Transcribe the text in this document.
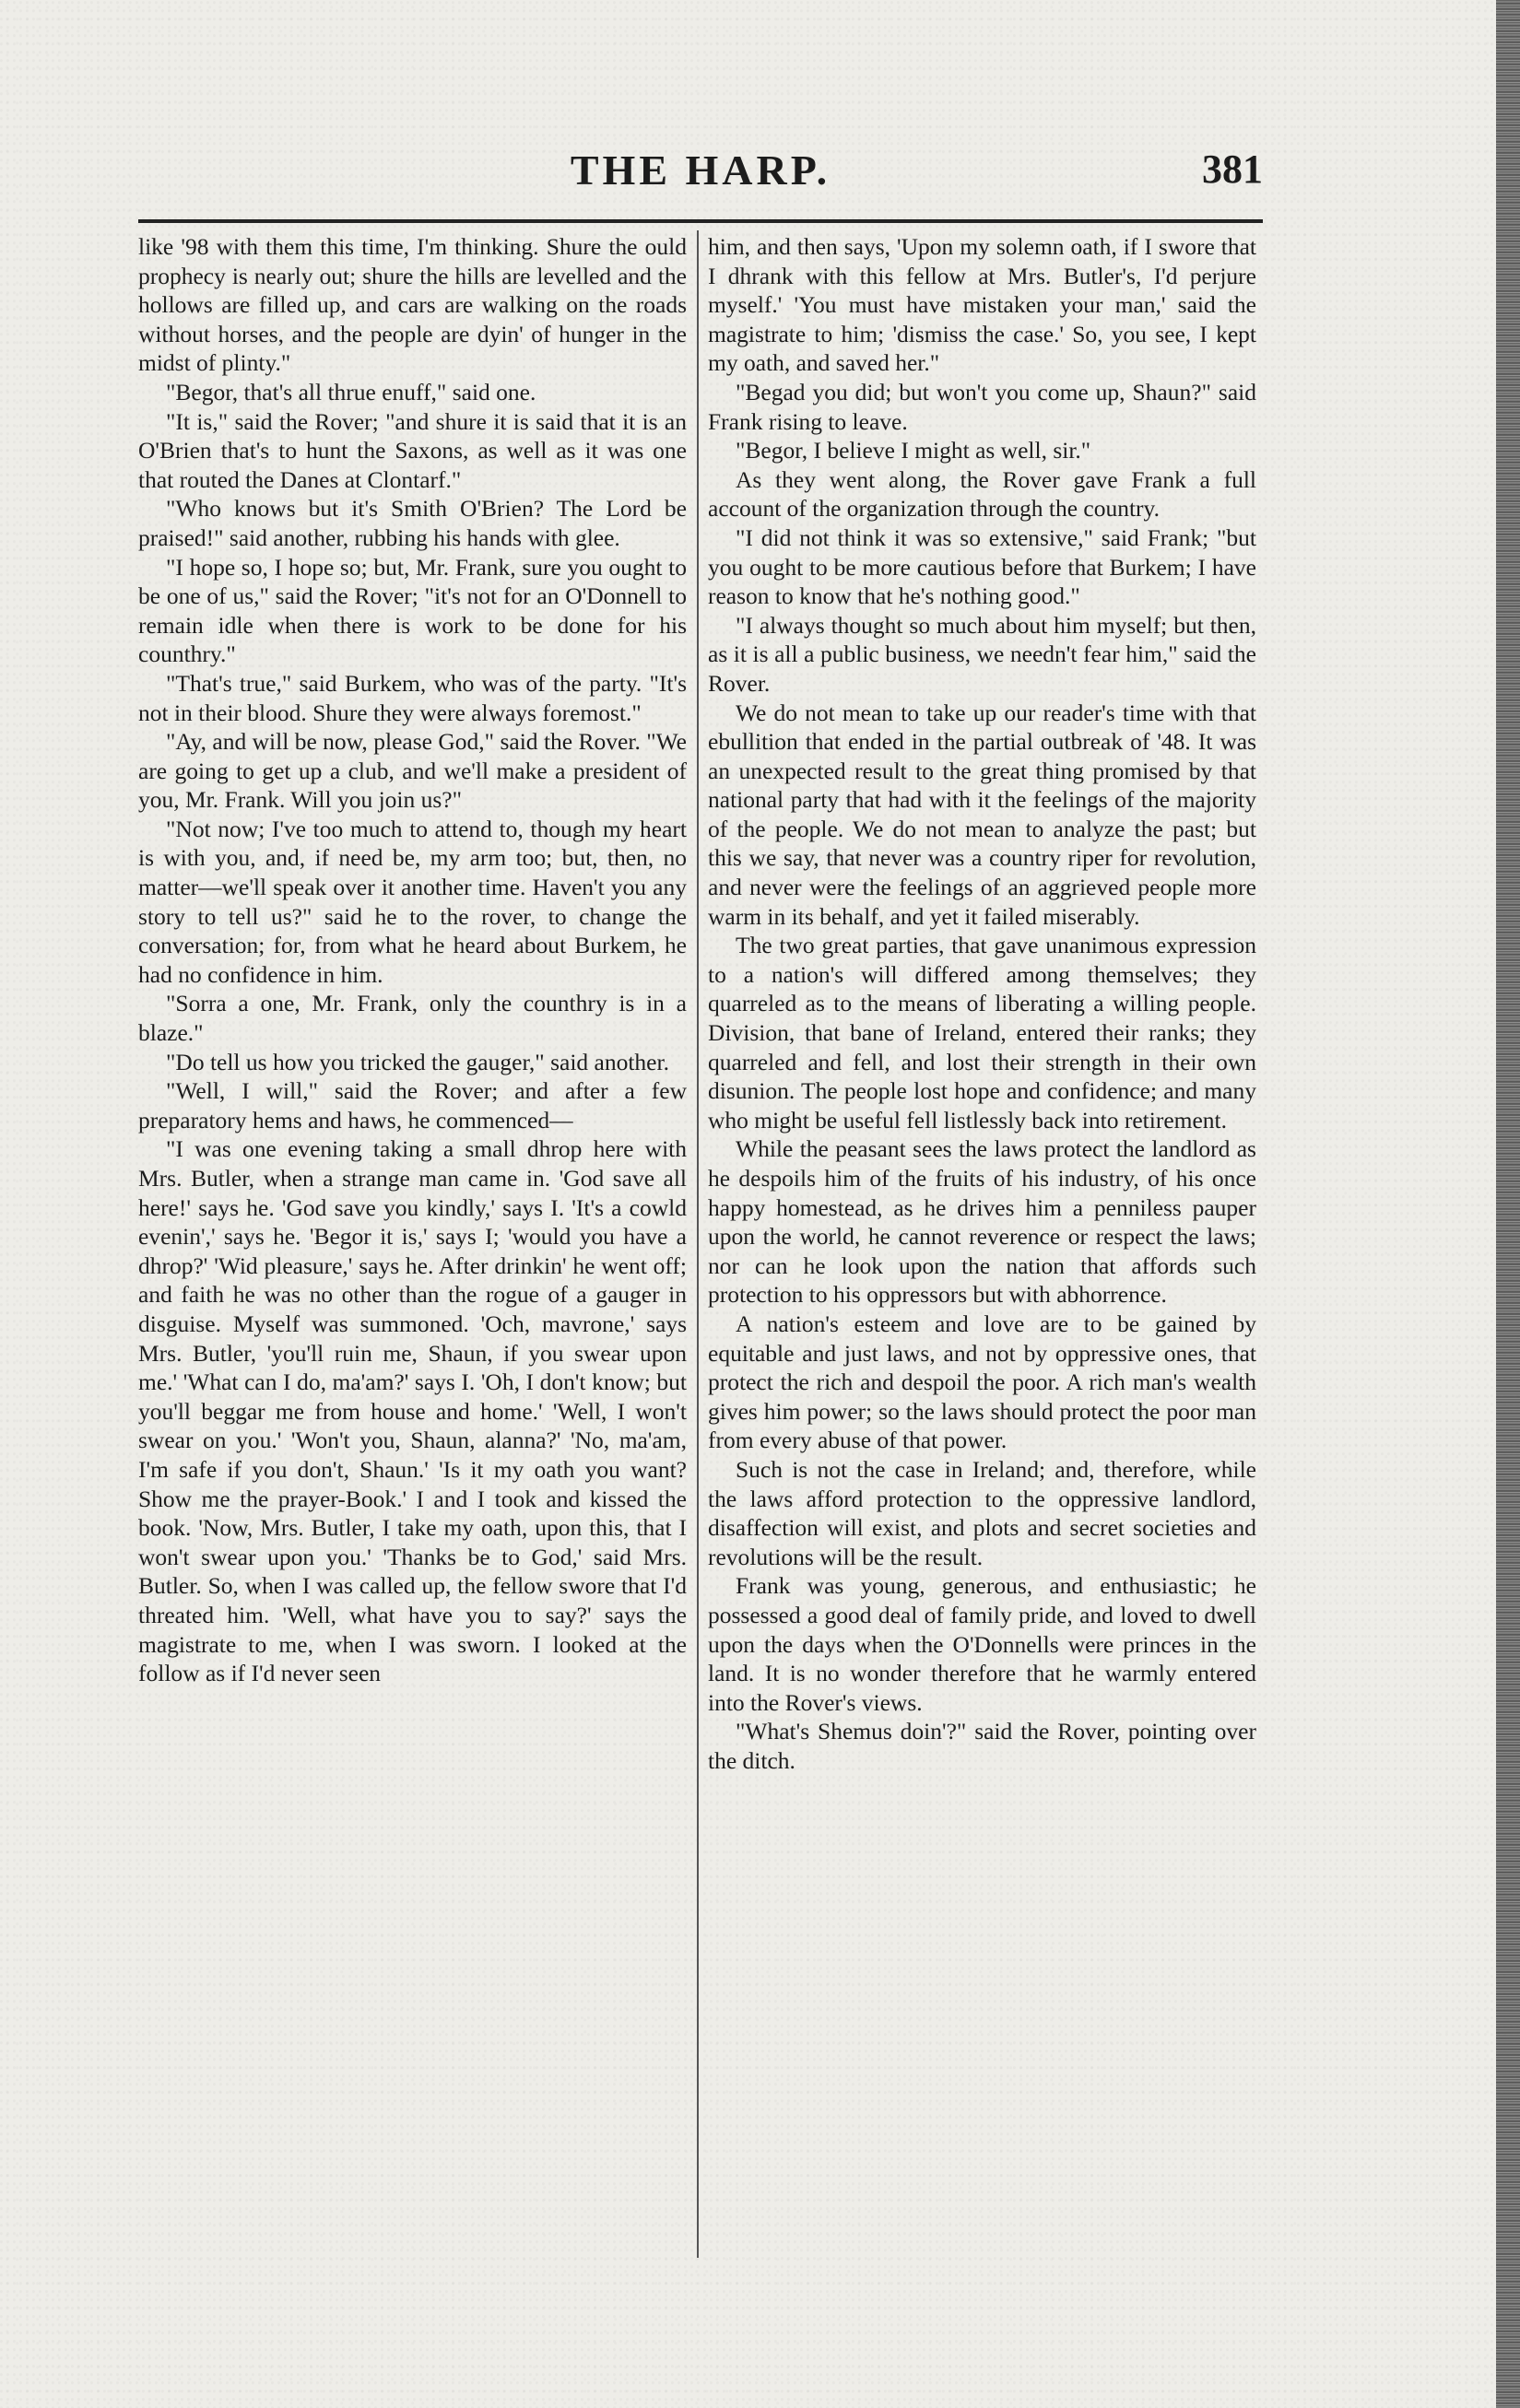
THE HARP.	381

like '98 with them this time, I'm thinking. Shure the ould prophecy is nearly out; shure the hills are levelled and the hollows are filled up, and cars are walking on the roads without horses, and the people are dyin' of hunger in the midst of plinty."

"Begor, that's all thrue enuff," said one.

"It is," said the Rover; "and shure it is said that it is an O'Brien that's to hunt the Saxons, as well as it was one that routed the Danes at Clontarf."

"Who knows but it's Smith O'Brien? The Lord be praised!" said another, rubbing his hands with glee.

"I hope so, I hope so; but, Mr. Frank, sure you ought to be one of us," said the Rover; "it's not for an O'Donnell to remain idle when there is work to be done for his counthry."

"That's true," said Burkem, who was of the party. "It's not in their blood. Shure they were always foremost."

"Ay, and will be now, please God," said the Rover. "We are going to get up a club, and we'll make a president of you, Mr. Frank. Will you join us?"

"Not now; I've too much to attend to, though my heart is with you, and, if need be, my arm too; but, then, no matter—we'll speak over it another time. Haven't you any story to tell us?" said he to the rover, to change the conversation; for, from what he heard about Burkem, he had no confidence in him.

"Sorra a one, Mr. Frank, only the counthry is in a blaze."

"Do tell us how you tricked the gauger," said another.

"Well, I will," said the Rover; and after a few preparatory hems and haws, he commenced—

"I was one evening taking a small dhrop here with Mrs. Butler, when a strange man came in. 'God save all here!' says he. 'God save you kindly,' says I. 'It's a cowld evenin',' says he. 'Begor it is,' says I; 'would you have a dhrop?' 'Wid pleasure,' says he. After drinkin' he went off; and faith he was no other than the rogue of a gauger in disguise. Myself was summoned. 'Och, mavrone,' says Mrs. Butler, 'you'll ruin me, Shaun, if you swear upon me.' 'What can I do, ma'am?' says I. 'Oh, I don't know; but you'll beggar me from house and home.' 'Well, I won't swear on you.' 'Won't you, Shaun, alanna?' 'No, ma'am, I'm safe if you don't, Shaun.' 'Is it my oath you want? Show me the prayer-Book.' I and I took and kissed the book. 'Now, Mrs. Butler, I take my oath, upon this, that I won't swear upon you.' 'Thanks be to God,' said Mrs. Butler. So, when I was called up, the fellow swore that I'd threated him. 'Well, what have you to say?' says the magistrate to me, when I was sworn. I looked at the follow as if I'd never seen

him, and then says, 'Upon my solemn oath, if I swore that I dhrank with this fellow at Mrs. Butler's, I'd perjure myself.' 'You must have mistaken your man,' said the magistrate to him; 'dismiss the case.' So, you see, I kept my oath, and saved her."

"Begad you did; but won't you come up, Shaun?" said Frank rising to leave.

"Begor, I believe I might as well, sir."

As they went along, the Rover gave Frank a full account of the organization through the country.

"I did not think it was so extensive," said Frank; "but you ought to be more cautious before that Burkem; I have reason to know that he's nothing good."

"I always thought so much about him myself; but then, as it is all a public business, we needn't fear him," said the Rover.

We do not mean to take up our reader's time with that ebullition that ended in the partial outbreak of '48. It was an unexpected result to the great thing promised by that national party that had with it the feelings of the majority of the people. We do not mean to analyze the past; but this we say, that never was a country riper for revolution, and never were the feelings of an aggrieved people more warm in its behalf, and yet it failed miserably.

The two great parties, that gave unanimous expression to a nation's will differed among themselves; they quarreled as to the means of liberating a willing people. Division, that bane of Ireland, entered their ranks; they quarreled and fell, and lost their strength in their own disunion. The people lost hope and confidence; and many who might be useful fell listlessly back into retirement.

While the peasant sees the laws protect the landlord as he despoils him of the fruits of his industry, of his once happy homestead, as he drives him a penniless pauper upon the world, he cannot reverence or respect the laws; nor can he look upon the nation that affords such protection to his oppressors but with abhorrence.

A nation's esteem and love are to be gained by equitable and just laws, and not by oppressive ones, that protect the rich and despoil the poor. A rich man's wealth gives him power; so the laws should protect the poor man from every abuse of that power.

Such is not the case in Ireland; and, therefore, while the laws afford protection to the oppressive landlord, disaffection will exist, and plots and secret societies and revolutions will be the result.

Frank was young, generous, and enthusiastic; he possessed a good deal of family pride, and loved to dwell upon the days when the O'Donnells were princes in the land. It is no wonder therefore that he warmly entered into the Rover's views.

"What's Shemus doin'?" said the Rover, pointing over the ditch.
